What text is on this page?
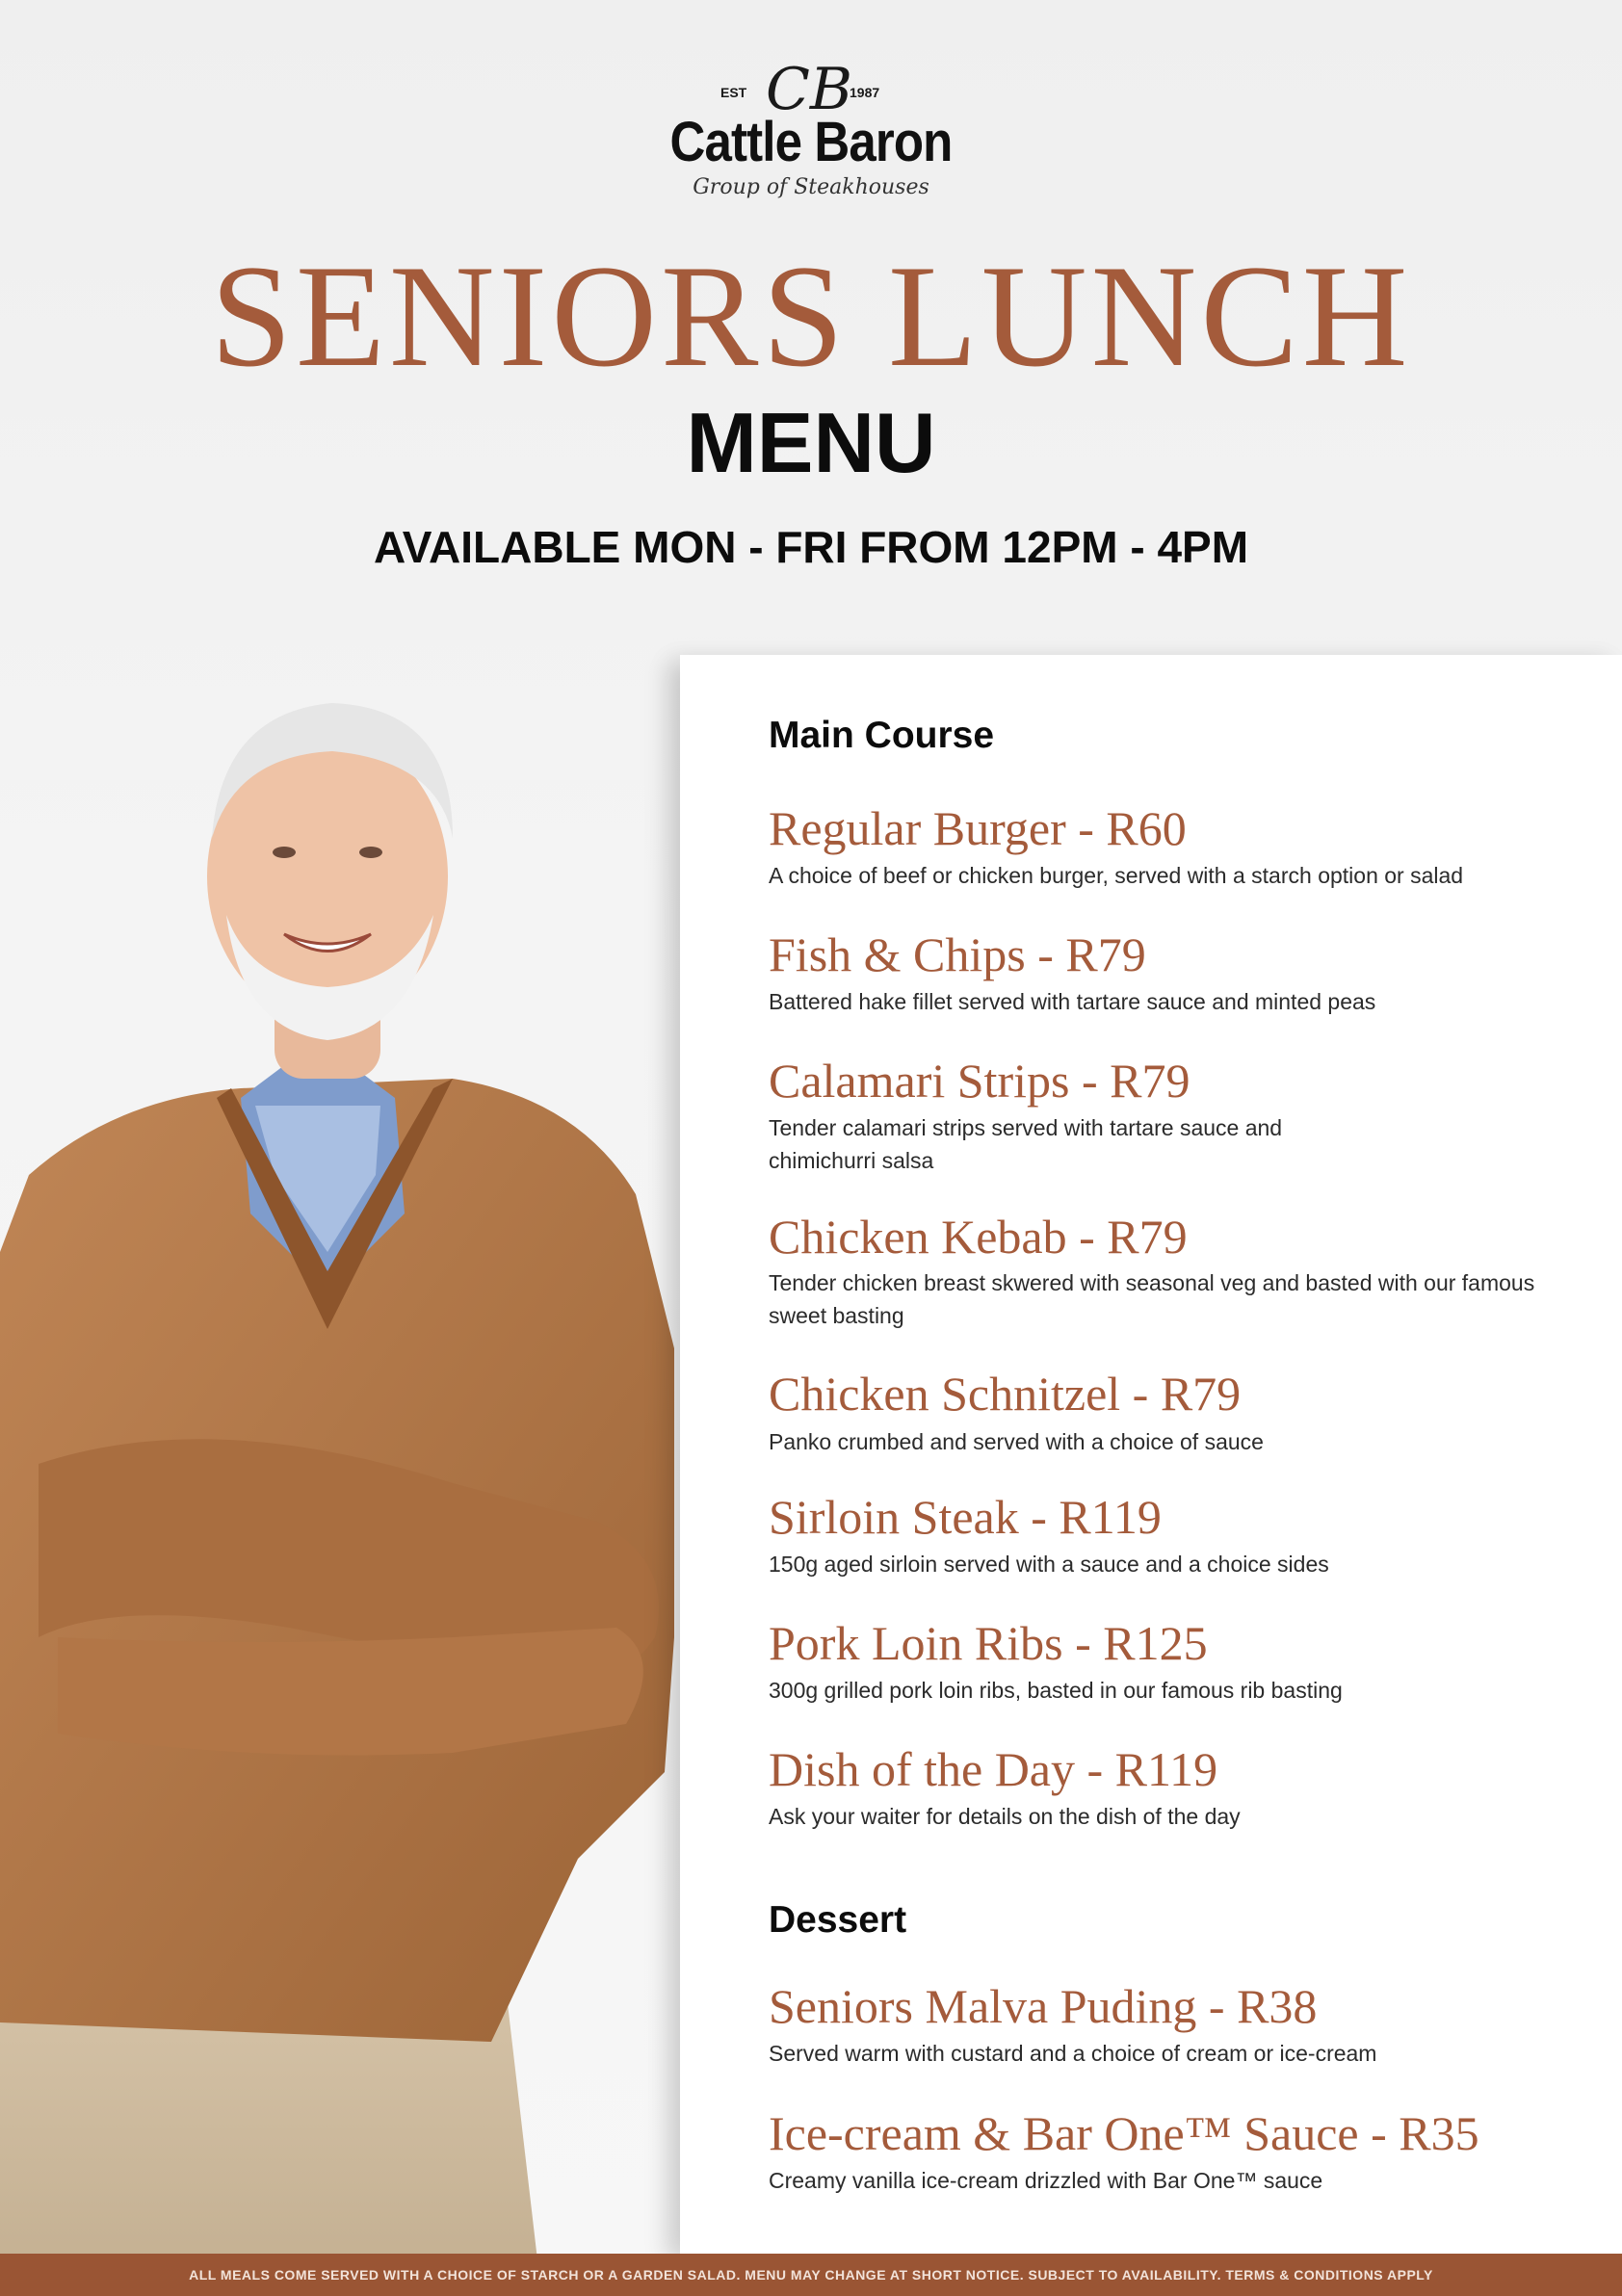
EST CB
1987
Cattle Baron
Group of Steakhouses
SENIORS LUNCH
MENU
AVAILABLE MON - FRI FROM 12PM - 4PM
Main Course
Regular Burger - R60
A choice of beef or chicken burger, served with a starch option or salad
Fish & Chips - R79
Battered hake fillet served with tartare sauce and minted peas
Calamari Strips - R79
Tender calamari strips served with tartare sauce and chimichurri salsa
Chicken Kebab - R79
Tender chicken breast skwered with seasonal veg and basted with our famous sweet basting
Chicken Schnitzel - R79
Panko crumbed and served with a choice of sauce
Sirloin Steak - R119
150g aged sirloin served with a sauce and a choice sides
Pork Loin Ribs - R125
300g grilled pork loin ribs, basted in our famous rib basting
Dish of the Day - R119
Ask your waiter for details on the dish of the day
Dessert
Seniors Malva Puding - R38
Served warm with custard and a choice of cream or ice-cream
Ice-cream & Bar One™ Sauce - R35
Creamy vanilla ice-cream drizzled with Bar One™ sauce
ALL MEALS COME SERVED WITH A CHOICE OF STARCH OR A GARDEN SALAD. MENU MAY CHANGE AT SHORT NOTICE. SUBJECT TO AVAILABILITY. TERMS & CONDITIONS APPLY
